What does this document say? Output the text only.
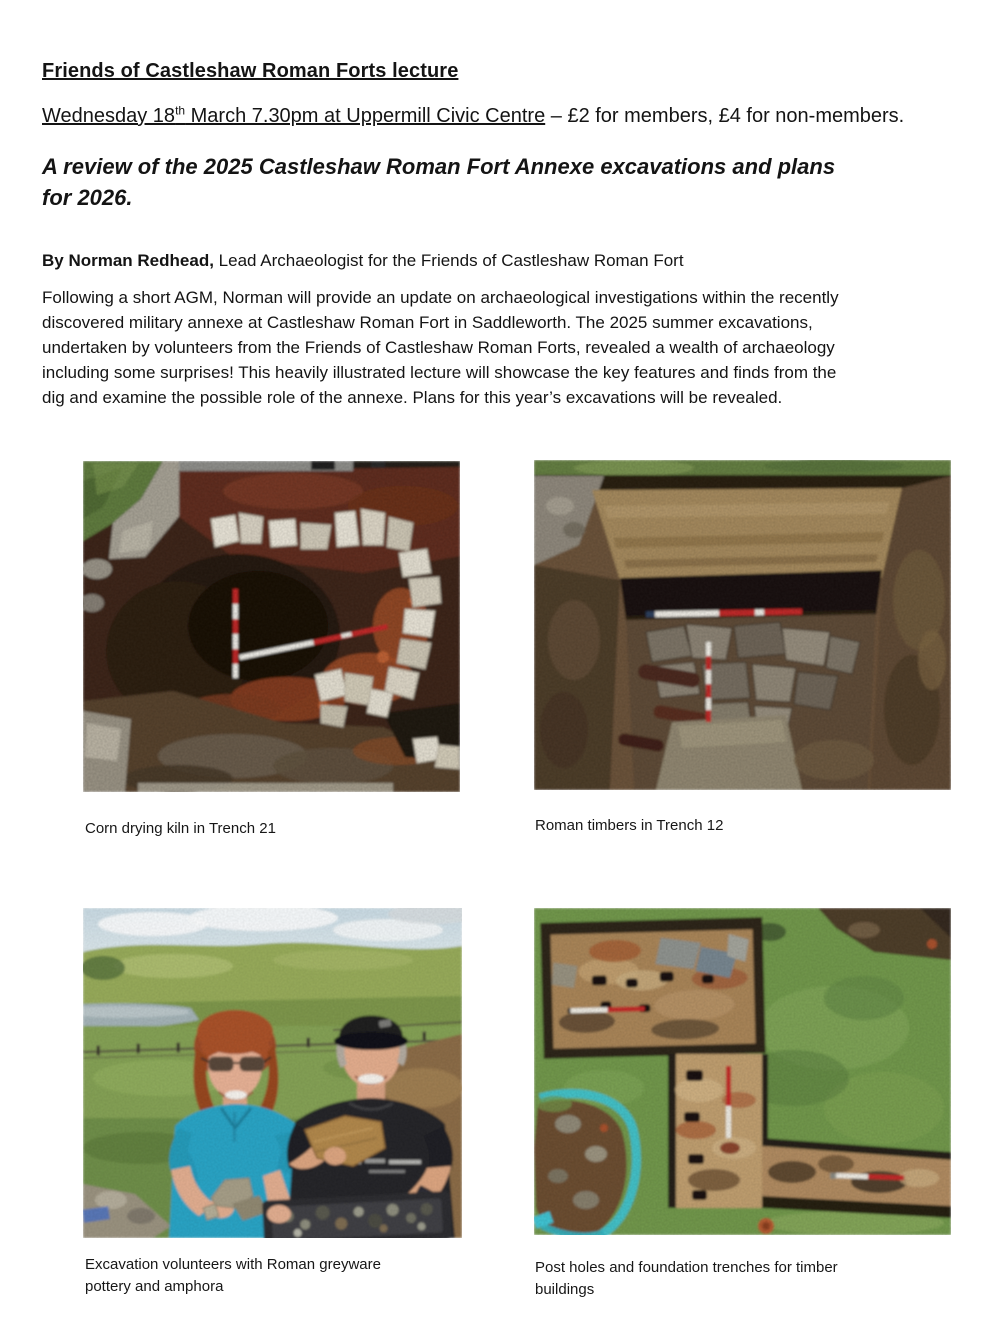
Friends of Castleshaw Roman Forts lecture

Wednesday 18th March 7.30pm at Uppermill Civic Centre – £2 for members, £4 for non-members.

A review of the 2025 Castleshaw Roman Fort Annexe excavations and plans
for 2026.

By Norman Redhead, Lead Archaeologist for the Friends of Castleshaw Roman Fort

Following a short AGM, Norman will provide an update on archaeological investigations within the recently
discovered military annexe at Castleshaw Roman Fort in Saddleworth. The 2025 summer excavations,
undertaken by volunteers from the Friends of Castleshaw Roman Forts, revealed a wealth of archaeology
including some surprises! This heavily illustrated lecture will showcase the key features and finds from the
dig and examine the possible role of the annexe. Plans for this year’s excavations will be revealed.
Corn drying kiln in Trench 21	Roman timbers in Trench 12
Excavation volunteers with Roman greyware pottery and amphora
Post holes and foundation trenches for timber buildings
